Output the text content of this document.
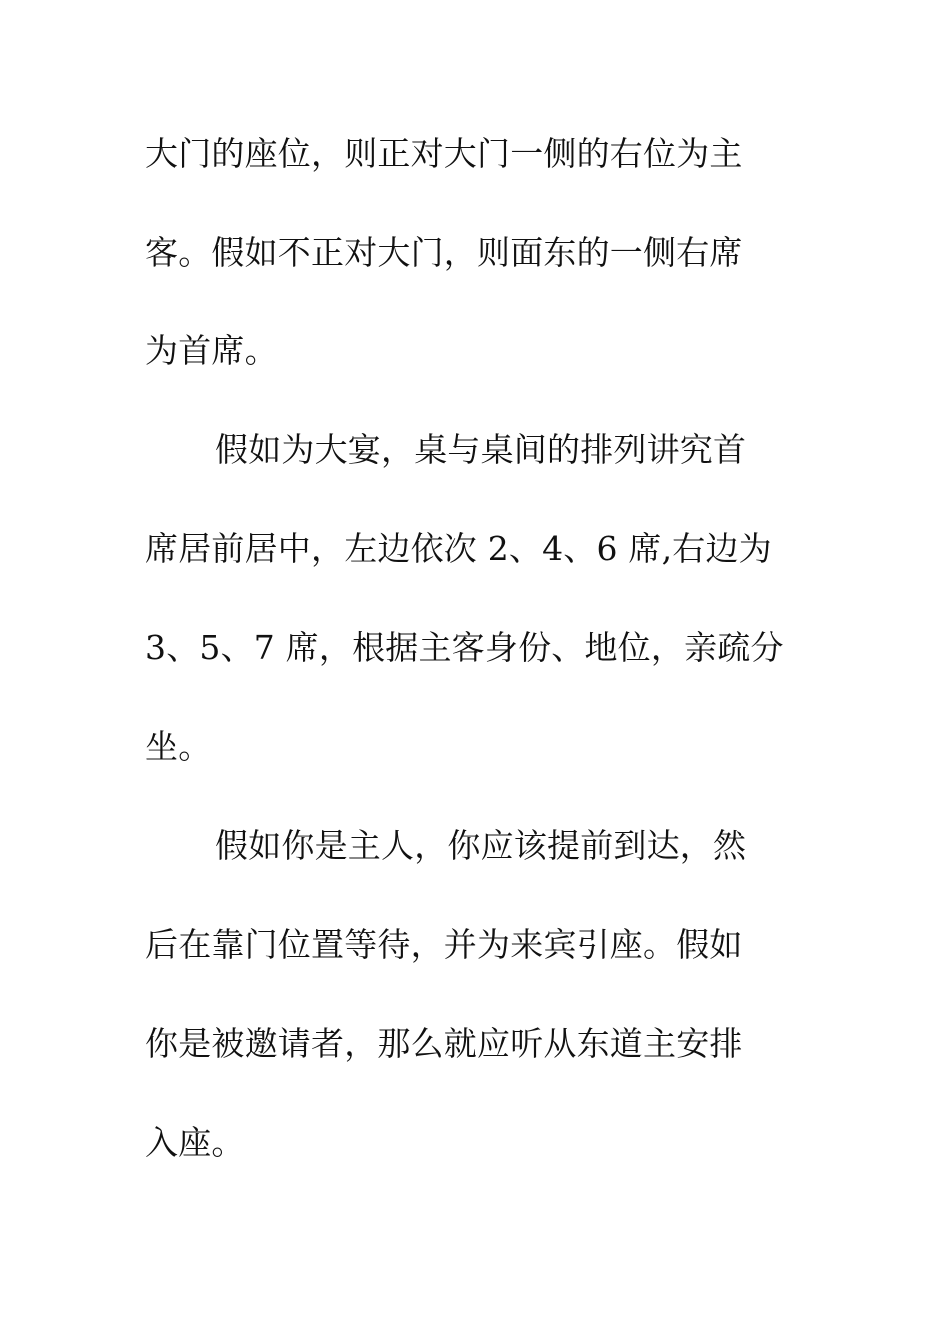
大门的座位，则正对大门一侧的右位为主
客。假如不正对大门，则面东的一侧右席
为首席。
假如为大宴，桌与桌间的排列讲究首
席居前居中，左边依次 2、4、6 席,右边为
3、5、7 席，根据主客身份、地位，亲疏分
坐。
假如你是主人，你应该提前到达，然
后在靠门位置等待，并为来宾引座。假如
你是被邀请者，那么就应听从东道主安排
入座。
